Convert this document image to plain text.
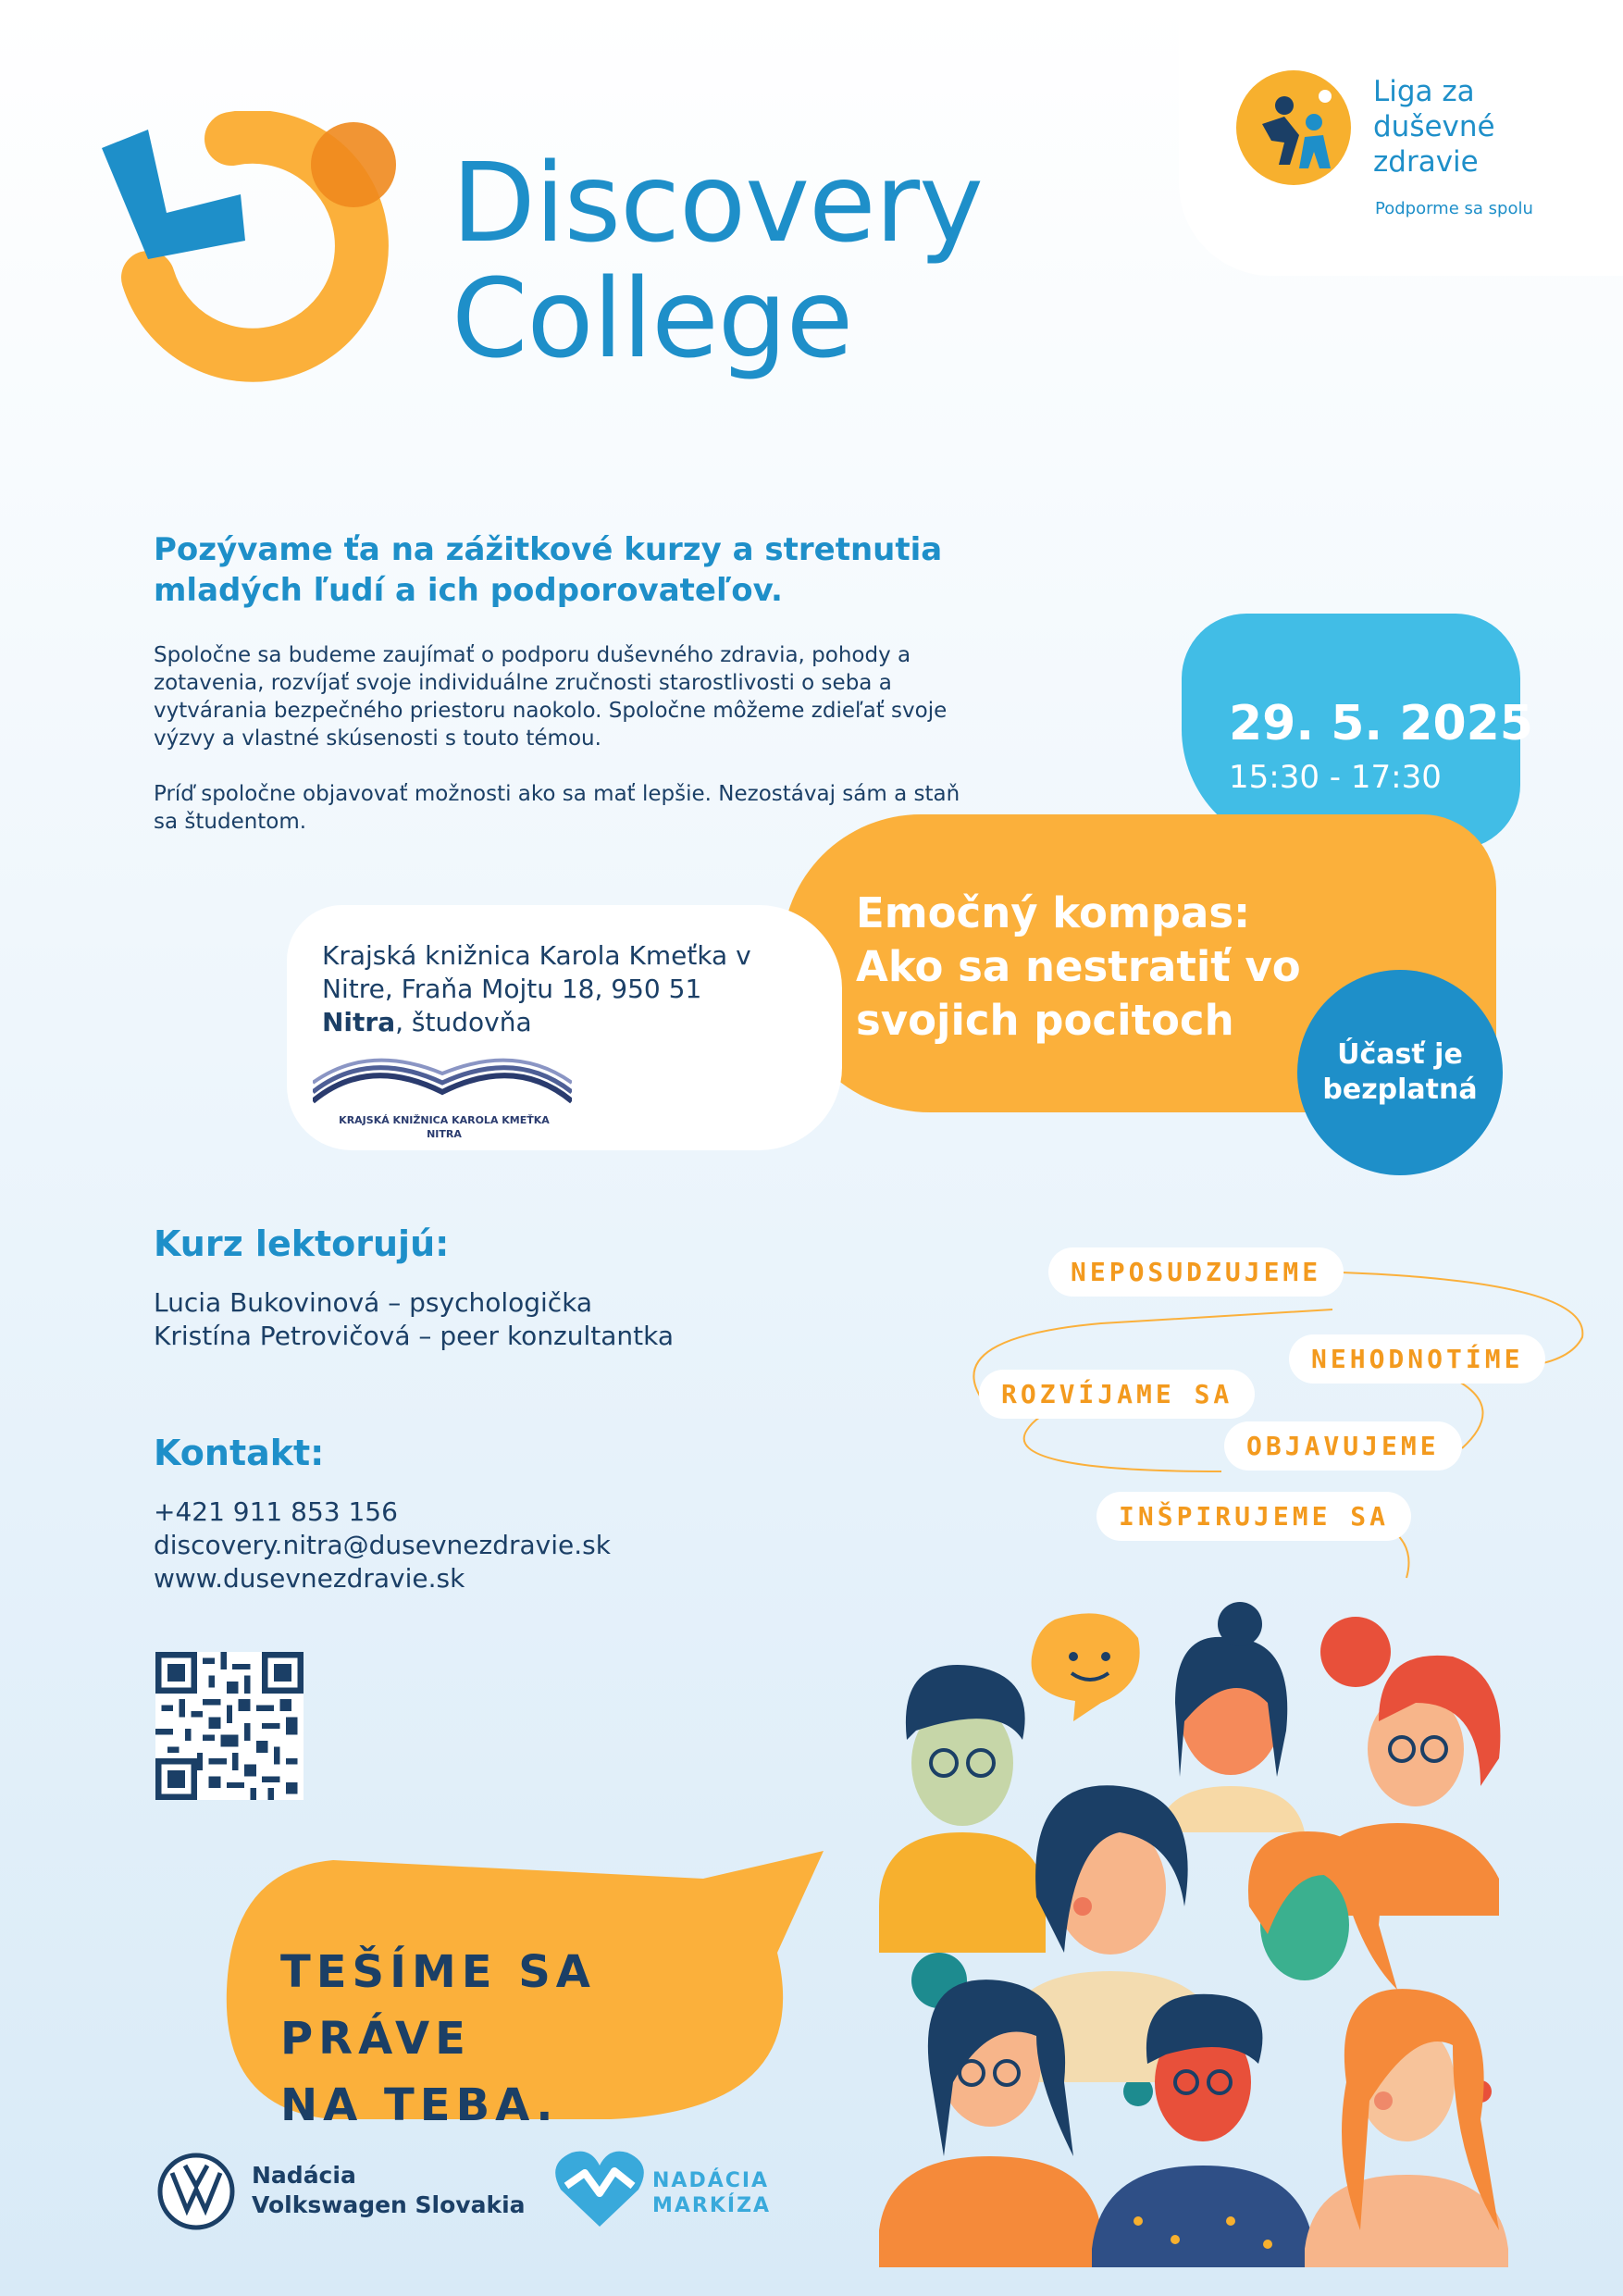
Discovery
College
Liga za duševné zdravie
Podporme sa spolu
Pozývame ťa na zážitkové kurzy a stretnutia mladých ľudí a ich podporovateľov.
Spoločne sa budeme zaujímať o podporu duševného zdravia, pohody a zotavenia, rozvíjať svoje individuálne zručnosti starostlivosti o seba a vytvárania bezpečného priestoru naokolo. Spoločne môžeme zdieľať svoje výzvy a vlastné skúsenosti s touto témou.
Príď spoločne objavovať možnosti ako sa mať lepšie. Nezostávaj sám a staň sa študentom.
29. 5. 2025
15:30 - 17:30
Emočný kompas: Ako sa nestratiť vo svojich pocitoch
Krajská knižnica Karola Kmeťka v Nitre, Fraňa Mojtu 18, 950 51 Nitra, študovňa
KRAJSKÁ KNIŽNICA KAROLA KMEŤKA
NITRA
Účasť je bezplatná
Kurz lektorujú:
Lucia Bukovinová – psychologička
Kristína Petrovičová – peer konzultantka
Kontakt:
+421 911 853 156
discovery.nitra@dusevnezdravie.sk
www.dusevnezdravie.sk
TEŠÍME SA PRÁVE
NA TEBA.
Nadácia
Volkswagen Slovakia
NADÁCIA
MARKÍZA
NEPOSUDZUJEME
NEHODNOTÍME
ROZVÍJAME SA
OBJAVUJEME
INŠPIRUJEME SA
